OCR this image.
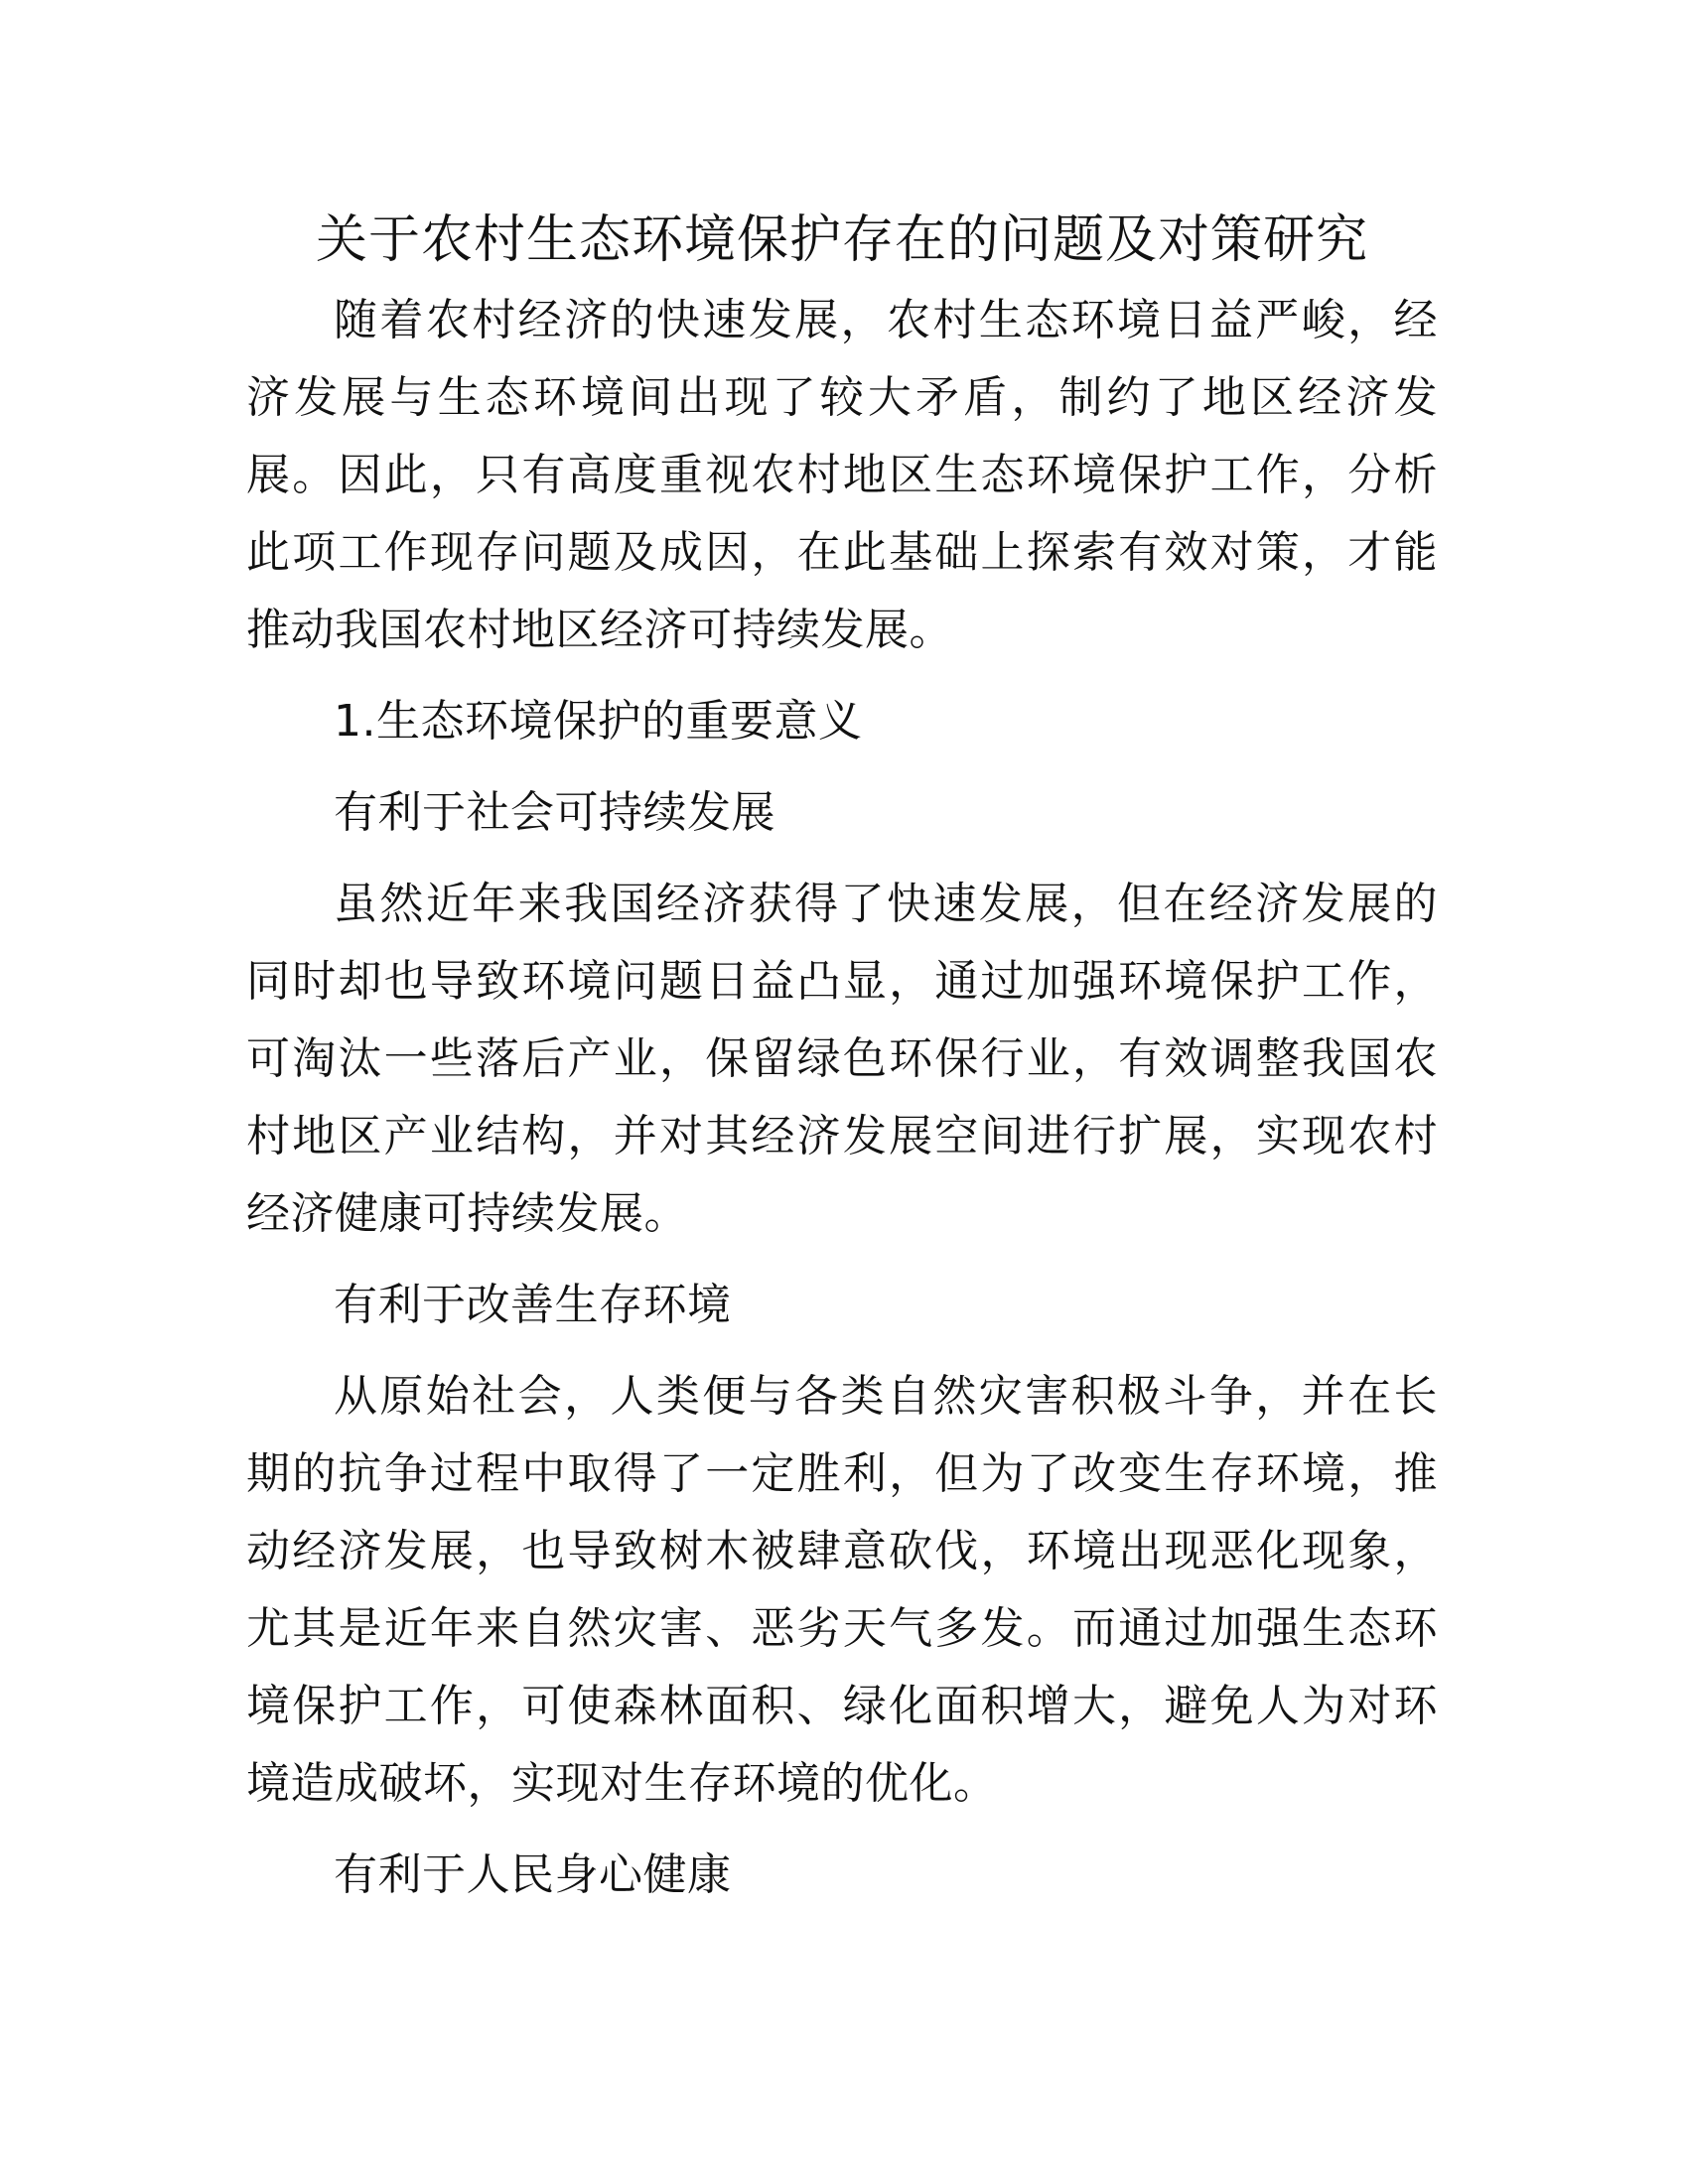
关于农村生态环境保护存在的问题及对策研究

随着农村经济的快速发展，农村生态环境日益严峻，经济发展与生态环境间出现了较大矛盾，制约了地区经济发展。因此，只有高度重视农村地区生态环境保护工作，分析此项工作现存问题及成因，在此基础上探索有效对策，才能推动我国农村地区经济可持续发展。

1.生态环境保护的重要意义

有利于社会可持续发展

虽然近年来我国经济获得了快速发展，但在经济发展的同时却也导致环境问题日益凸显，通过加强环境保护工作，可淘汰一些落后产业，保留绿色环保行业，有效调整我国农村地区产业结构，并对其经济发展空间进行扩展，实现农村经济健康可持续发展。

有利于改善生存环境

从原始社会，人类便与各类自然灾害积极斗争，并在长期的抗争过程中取得了一定胜利，但为了改变生存环境，推动经济发展，也导致树木被肆意砍伐，环境出现恶化现象，尤其是近年来自然灾害、恶劣天气多发。而通过加强生态环境保护工作，可使森林面积、绿化面积增大，避免人为对环境造成破坏，实现对生存环境的优化。

有利于人民身心健康
